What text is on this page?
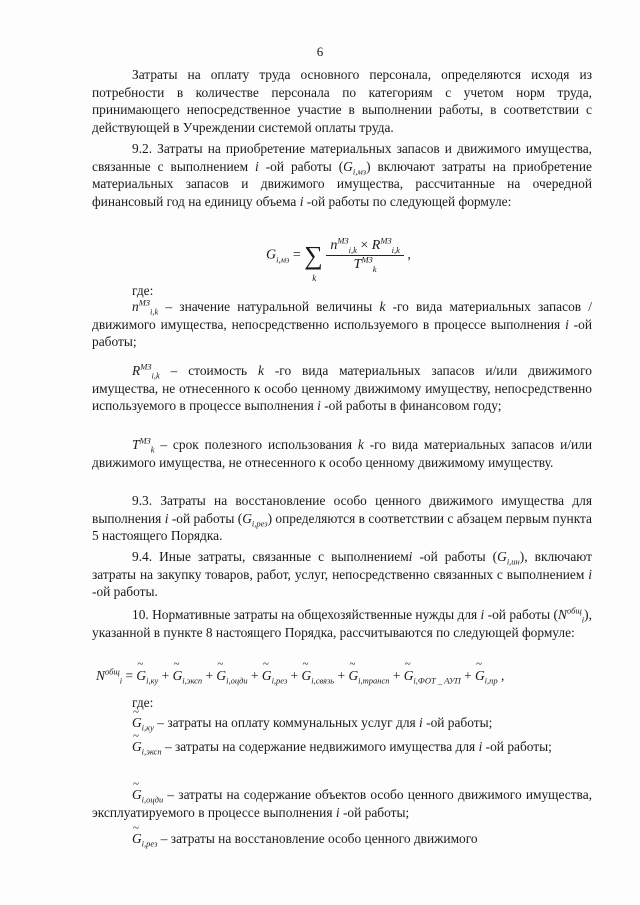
6
Затраты на оплату труда основного персонала, определяются исходя из потребности в количестве персонала по категориям с учетом норм труда, принимающего непосредственное участие в выполнении работы, в соответствии с действующей в Учреждении системой оплаты труда.
9.2. Затраты на приобретение материальных запасов и движимого имущества, связанные с выполнением i -ой работы $(G_{i,мз})$ включают затраты на приобретение материальных запасов и движимого имущества, рассчитанные на очередной финансовый год на единицу объема i -ой работы по следующей формуле:
$G_{i,мз}$ = ∑
k

$\frac{n^{МЗ}_{i,k} \times R^{МЗ}_{i,k}}{T^{МЗ}_k}$ ,
где:
$n^{МЗ}_{i,k}$ – значение натуральной величины k -го вида материальных запасов / движимого имущества, непосредственно используемого в процессе выполнения i -ой работы;
$R^{МЗ}_{i,k}$ – стоимость k -го вида материальных запасов и/или движимого имущества, не отнесенного к особо ценному движимому имуществу, непосредственно используемого в процессе выполнения i -ой работы в финансовом году;
$T^{МЗ}_k$ – срок полезного использования k -го вида материальных запасов и/или движимого имущества, не отнесенного к особо ценному движимому имуществу.
9.3. Затраты на восстановление особо ценного движимого имущества для выполнения i -ой работы $(G_{i,рез})$ определяются в соответствии с абзацем первым пункта 5 настоящего Порядка.
9.4. Иные затраты, связанные с выполнениемi -ой работы $(G_{i,ин})$, включают затраты на закупку товаров, работ, услуг, непосредственно связанных с выполнением i -ой работы.
10. Нормативные затраты на общехозяйственные нужды для i -ой работы $(N^{общ}_i)$, указанной в пункте 8 настоящего Порядка, рассчитываются по следующей формуле:
$N^{общ}_i$ = ~ $G_{i,ку}$ + ~ $G_{i,эксп}$ + ~ $G_{i,оцди}$ + ~ $G_{i,рез}$ + ~ $G_{i,связь}$ + ~ $G_{i,трансп}$ + ~ $G_{i,ФОТ \_ АУП}$ + ~ $G_{i,пр}$ ,
где:
~ $G_{i,ку}$ – затраты на оплату коммунальных услуг для i -ой работы;
~ $G_{i,эксп}$ – затраты на содержание недвижимого имущества для i -ой работы;
~ $G_{i,оцди}$ – затраты на содержание объектов особо ценного движимого имущества, эксплуатируемого в процессе выполнения i -ой работы;
~ $G_{i,рез}$ – затраты на восстановление особо ценного движимого
